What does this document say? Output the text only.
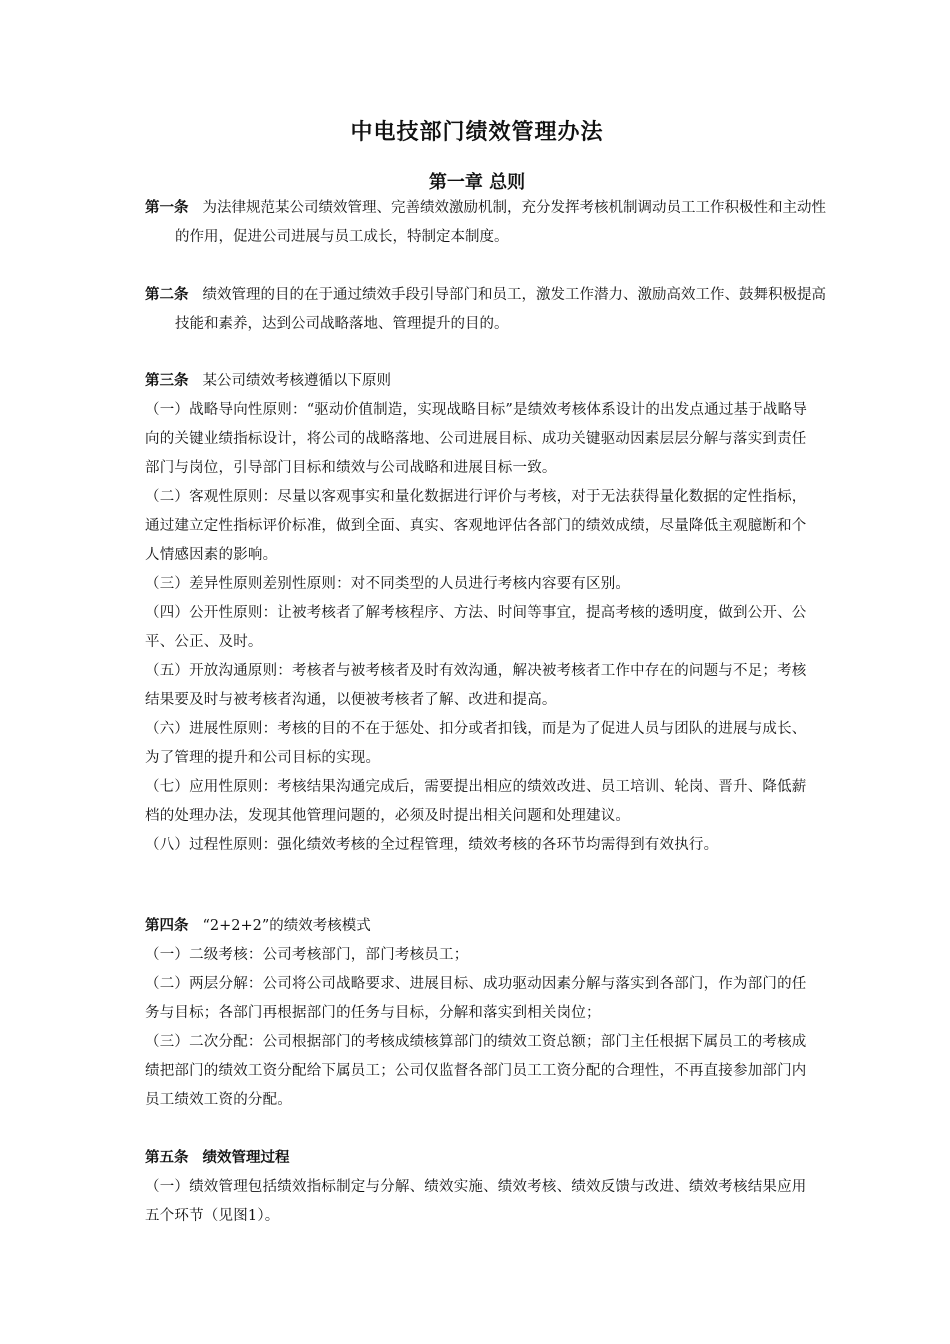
中电技部门绩效管理办法
第一章 总则
第一条 为法律规范某公司绩效管理、完善绩效激励机制，充分发挥考核机制调动员工工作积极性和主动性的作用，促进公司进展与员工成长，特制定本制度。
第二条 绩效管理的目的在于通过绩效手段引导部门和员工，激发工作潜力、激励高效工作、鼓舞积极提高技能和素养，达到公司战略落地、管理提升的目的。
第三条 某公司绩效考核遵循以下原则
（一）战略导向性原则：“驱动价值制造，实现战略目标”是绩效考核体系设计的出发点通过基于战略导向的关键业绩指标设计，将公司的战略落地、公司进展目标、成功关键驱动因素层层分解与落实到责任部门与岗位，引导部门目标和绩效与公司战略和进展目标一致。
（二）客观性原则：尽量以客观事实和量化数据进行评价与考核，对于无法获得量化数据的定性指标，通过建立定性指标评价标准，做到全面、真实、客观地评估各部门的绩效成绩，尽量降低主观臆断和个人情感因素的影响。
（三）差异性原则差别性原则：对不同类型的人员进行考核内容要有区别。
（四）公开性原则：让被考核者了解考核程序、方法、时间等事宜，提高考核的透明度，做到公开、公平、公正、及时。
（五）开放沟通原则：考核者与被考核者及时有效沟通，解决被考核者工作中存在的问题与不足；考核结果要及时与被考核者沟通，以便被考核者了解、改进和提高。
（六）进展性原则：考核的目的不在于惩处、扣分或者扣钱，而是为了促进人员与团队的进展与成长、为了管理的提升和公司目标的实现。
（七）应用性原则：考核结果沟通完成后，需要提出相应的绩效改进、员工培训、轮岗、晋升、降低薪档的处理办法，发现其他管理问题的，必须及时提出相关问题和处理建议。
（八）过程性原则：强化绩效考核的全过程管理，绩效考核的各环节均需得到有效执行。
第四条 “2+2+2”的绩效考核模式
（一）二级考核：公司考核部门，部门考核员工；
（二）两层分解：公司将公司战略要求、进展目标、成功驱动因素分解与落实到各部门，作为部门的任务与目标；各部门再根据部门的任务与目标，分解和落实到相关岗位；
（三）二次分配：公司根据部门的考核成绩核算部门的绩效工资总额；部门主任根据下属员工的考核成绩把部门的绩效工资分配给下属员工；公司仅监督各部门员工工资分配的合理性，不再直接参加部门内员工绩效工资的分配。
第五条 绩效管理过程
（一）绩效管理包括绩效指标制定与分解、绩效实施、绩效考核、绩效反馈与改进、绩效考核结果应用五个环节（见图1）。
